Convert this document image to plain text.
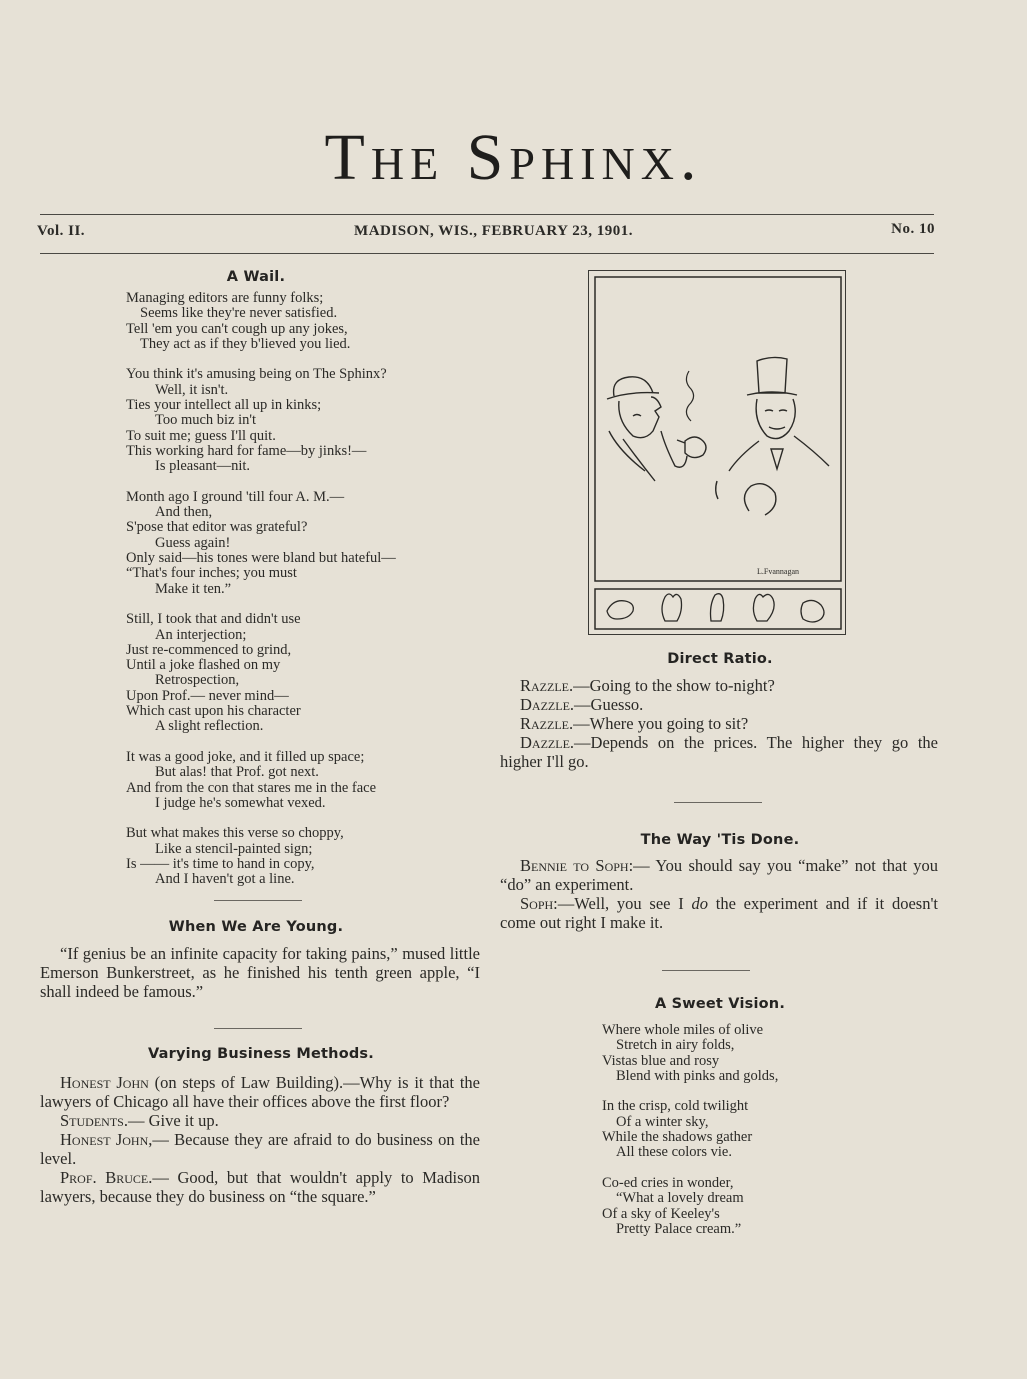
The Sphinx.
Vol. II.	MADISON, WIS., FEBRUARY 23, 1901.	No. 10
A Wail.
Managing editors are funny folks;
Seems like they're never satisfied.
Tell 'em you can't cough up any jokes,
They act as if they b'lieved you lied.
You think it's amusing being on The Sphinx?
Well, it isn't.
Ties your intellect all up in kinks;
Too much biz in't
To suit me; guess I'll quit.
This working hard for fame—by jinks!—
Is pleasant—nit.
Month ago I ground 'till four A. M.—
And then,
S'pose that editor was grateful?
Guess again!
Only said—his tones were bland but hateful—
“That's four inches; you must
Make it ten.”
Still, I took that and didn't use
An interjection;
Just re-commenced to grind,
Until a joke flashed on my
Retrospection,
Upon Prof.— never mind—
Which cast upon his character
A slight reflection.
It was a good joke, and it filled up space;
But alas! that Prof. got next.
And from the con that stares me in the face
I judge he's somewhat vexed.
But what makes this verse so choppy,
Like a stencil-painted sign;
Is —— it's time to hand in copy,
And I haven't got a line.
When We Are Young.

“If genius be an infinite capacity for taking pains,” mused little Emerson Bunkerstreet, as he finished his tenth green apple, “I shall indeed be famous.”

Varying Business Methods.

Honest John (on steps of Law Building).—Why is it that the lawyers of Chicago all have their offices above the first floor?

Students.— Give it up.

Honest John,— Because they are afraid to do business on the level.

Prof. Bruce.— Good, but that wouldn't apply to Madison lawyers, because they do business on “the square.”

L.Fvannagan
Direct Ratio.

Razzle.—Going to the show to-night?

Dazzle.—Guesso.

Razzle.—Where you going to sit?

Dazzle.—Depends on the prices. The higher they go the higher I'll go.

The Way 'Tis Done.

Bennie to Soph:— You should say you “make” not that you “do” an experiment.

Soph:—Well, you see I do the experiment and if it doesn't come out right I make it.

A Sweet Vision.
Where whole miles of olive
Stretch in airy folds,
Vistas blue and rosy
Blend with pinks and golds,
In the crisp, cold twilight
Of a winter sky,
While the shadows gather
All these colors vie.
Co-ed cries in wonder,
“What a lovely dream
Of a sky of Keeley's
Pretty Palace cream.”
